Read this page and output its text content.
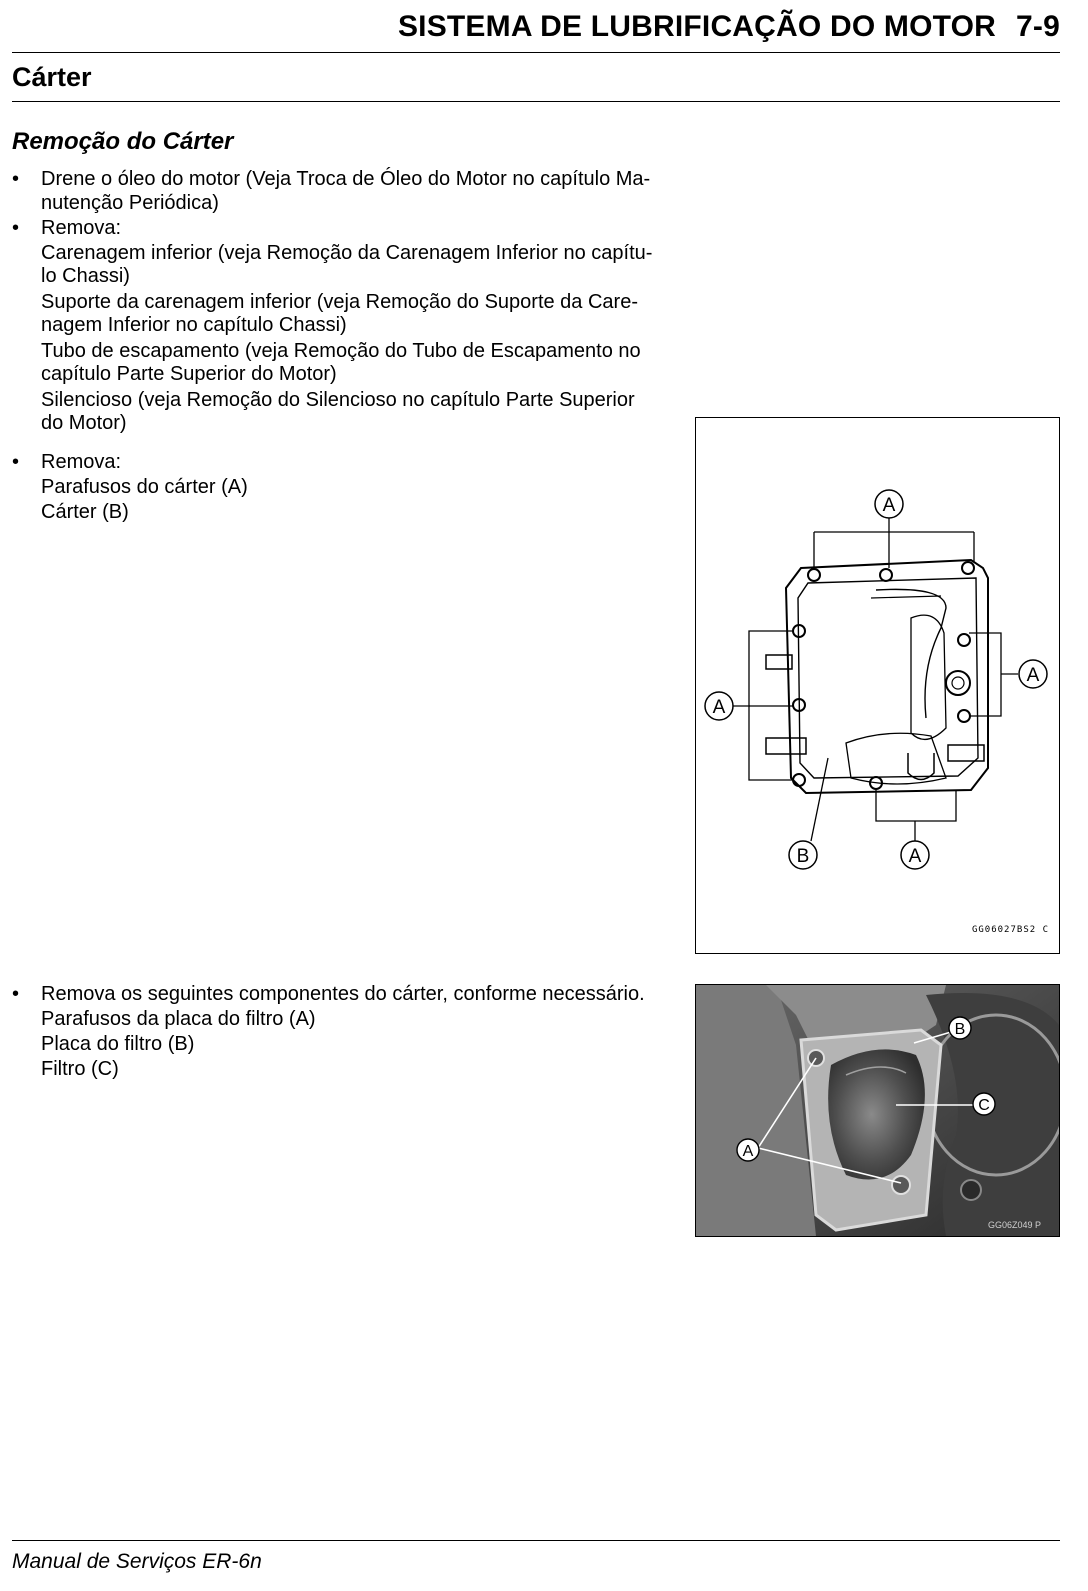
SISTEMA DE LUBRIFICAÇÃO DO MOTOR 7-9
Cárter
Remoção do Cárter
• Drene o óleo do motor (Veja Troca de Óleo do Motor no capítulo Ma-
nutenção Periódica)
• Remova:
Carenagem inferior (veja Remoção da Carenagem Inferior no capítu-
lo Chassi)
Suporte da carenagem inferior (veja Remoção do Suporte da Care-
nagem Inferior no capítulo Chassi)
Tubo de escapamento (veja Remoção do Tubo de Escapamento no
capítulo Parte Superior do Motor)
Silencioso (veja Remoção do Silencioso no capítulo Parte Superior
do Motor)
• Remova:
Parafusos do cárter (A)
Cárter (B)
• Remova os seguintes componentes do cárter, conforme necessário.
Parafusos da placa do filtro (A)
Placa do filtro (B)
Filtro (C)
A
A
A
B	A
GG06027BS2 C
A
B
C
GG06Z049 P
Manual de Serviços ER-6n
